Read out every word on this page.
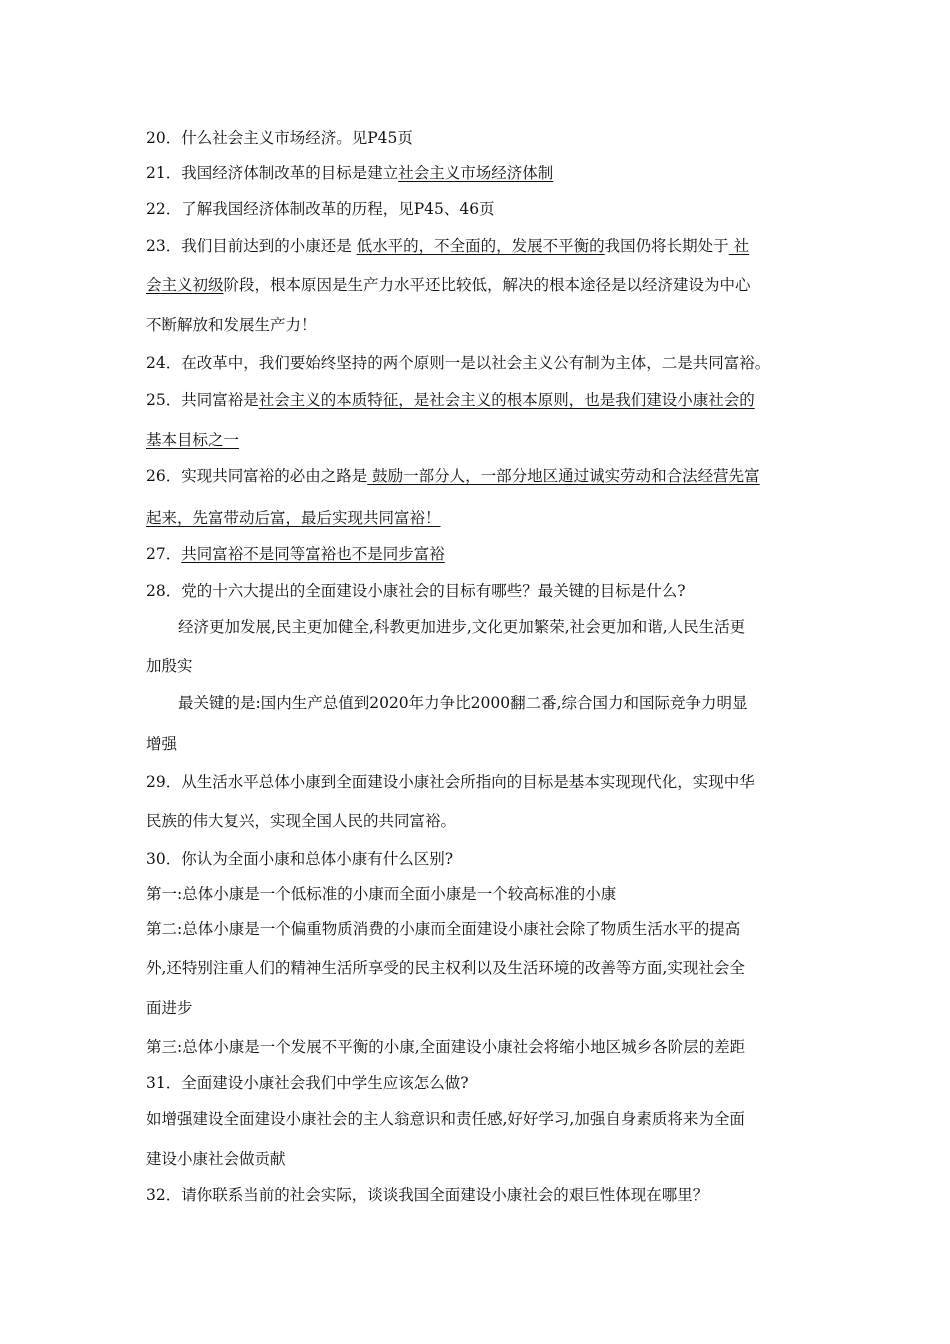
20．什么社会主义市场经济。见P45页
21．我国经济体制改革的目标是建立社会主义市场经济体制
22．了解我国经济体制改革的历程，见P45、46页
23．我们目前达到的小康还是 低水平的，不全面的，发展不平衡的我国仍将长期处于 社
会主义初级阶段，根本原因是生产力水平还比较低，解决的根本途径是以经济建设为中心
不断解放和发展生产力！
24．在改革中，我们要始终坚持的两个原则一是以社会主义公有制为主体，二是共同富裕。
25．共同富裕是社会主义的本质特征，是社会主义的根本原则，也是我们建设小康社会的
基本目标之一
26．实现共同富裕的必由之路是 鼓励一部分人，一部分地区通过诚实劳动和合法经营先富
起来，先富带动后富，最后实现共同富裕！
27．共同富裕不是同等富裕也不是同步富裕
28．党的十六大提出的全面建设小康社会的目标有哪些？最关键的目标是什么?
经济更加发展,民主更加健全,科教更加进步,文化更加繁荣,社会更加和谐,人民生活更
加殷实
最关键的是:国内生产总值到2020年力争比2000翻二番,综合国力和国际竞争力明显
增强
29．从生活水平总体小康到全面建设小康社会所指向的目标是基本实现现代化，实现中华
民族的伟大复兴，实现全国人民的共同富裕。
30．你认为全面小康和总体小康有什么区别?
第一:总体小康是一个低标准的小康而全面小康是一个较高标准的小康
第二:总体小康是一个偏重物质消费的小康而全面建设小康社会除了物质生活水平的提高
外,还特别注重人们的精神生活所享受的民主权利以及生活环境的改善等方面,实现社会全
面进步
第三:总体小康是一个发展不平衡的小康,全面建设小康社会将缩小地区城乡各阶层的差距
31．全面建设小康社会我们中学生应该怎么做?
如增强建设全面建设小康社会的主人翁意识和责任感,好好学习,加强自身素质将来为全面
建设小康社会做贡献
32．请你联系当前的社会实际，谈谈我国全面建设小康社会的艰巨性体现在哪里？
